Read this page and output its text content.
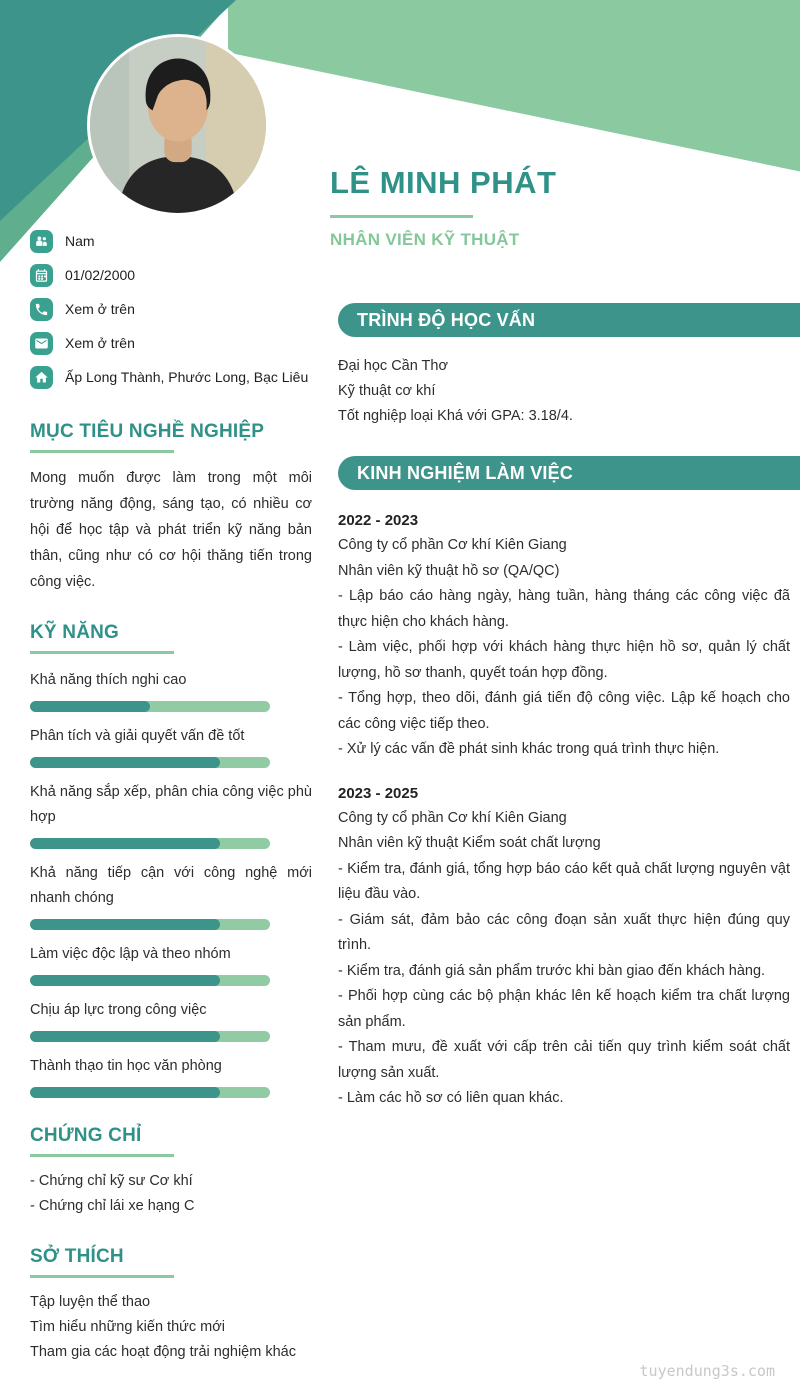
Nam
01/02/2000
Xem ở trên
Xem ở trên
Ấp Long Thành, Phước Long, Bạc Liêu
MỤC TIÊU NGHỀ NGHIỆP

Mong muốn được làm trong một môi trường năng động, sáng tạo, có nhiều cơ hội để học tập và phát triển kỹ năng bản thân, cũng như có cơ hội thăng tiến trong công việc.

KỸ NĂNG
Khả năng thích nghi cao
Phân tích và giải quyết vấn đề tốt
Khả năng sắp xếp, phân chia công việc phù hợp
Khả năng tiếp cận với công nghệ mới nhanh chóng
Làm việc độc lập và theo nhóm
Chịu áp lực trong công việc
Thành thạo tin học văn phòng
CHỨNG CHỈ
- Chứng chỉ kỹ sư Cơ khí
- Chứng chỉ lái xe hạng C
SỞ THÍCH
Tập luyện thể thao
Tìm hiểu những kiến thức mới
Tham gia các hoạt động trải nghiệm khác
LÊ MINH PHÁT
NHÂN VIÊN KỸ THUẬT
TRÌNH ĐỘ HỌC VẤN
Đại học Cần Thơ
Kỹ thuật cơ khí
Tốt nghiệp loại Khá với GPA: 3.18/4.
KINH NGHIỆM LÀM VIỆC
2022 - 2023
Công ty cổ phần Cơ khí Kiên Giang
Nhân viên kỹ thuật hồ sơ (QA/QC)

- Lập báo cáo hàng ngày, hàng tuần, hàng tháng các công việc đã thực hiện cho khách hàng.

- Làm việc, phối hợp với khách hàng thực hiện hồ sơ, quản lý chất lượng, hồ sơ thanh, quyết toán hợp đồng.

- Tổng hợp, theo dõi, đánh giá tiến độ công việc. Lập kế hoạch cho các công việc tiếp theo.

- Xử lý các vấn đề phát sinh khác trong quá trình thực hiện.

2023 - 2025
Công ty cổ phần Cơ khí Kiên Giang
Nhân viên kỹ thuật Kiểm soát chất lượng

- Kiểm tra, đánh giá, tổng hợp báo cáo kết quả chất lượng nguyên vật liệu đầu vào.

- Giám sát, đảm bảo các công đoạn sản xuất thực hiện đúng quy trình.

- Kiểm tra, đánh giá sản phẩm trước khi bàn giao đến khách hàng.

- Phối hợp cùng các bộ phận khác lên kế hoạch kiểm tra chất lượng sản phẩm.

- Tham mưu, đề xuất với cấp trên cải tiến quy trình kiểm soát chất lượng sản xuất.

- Làm các hồ sơ có liên quan khác.

tuyendung3s.com
